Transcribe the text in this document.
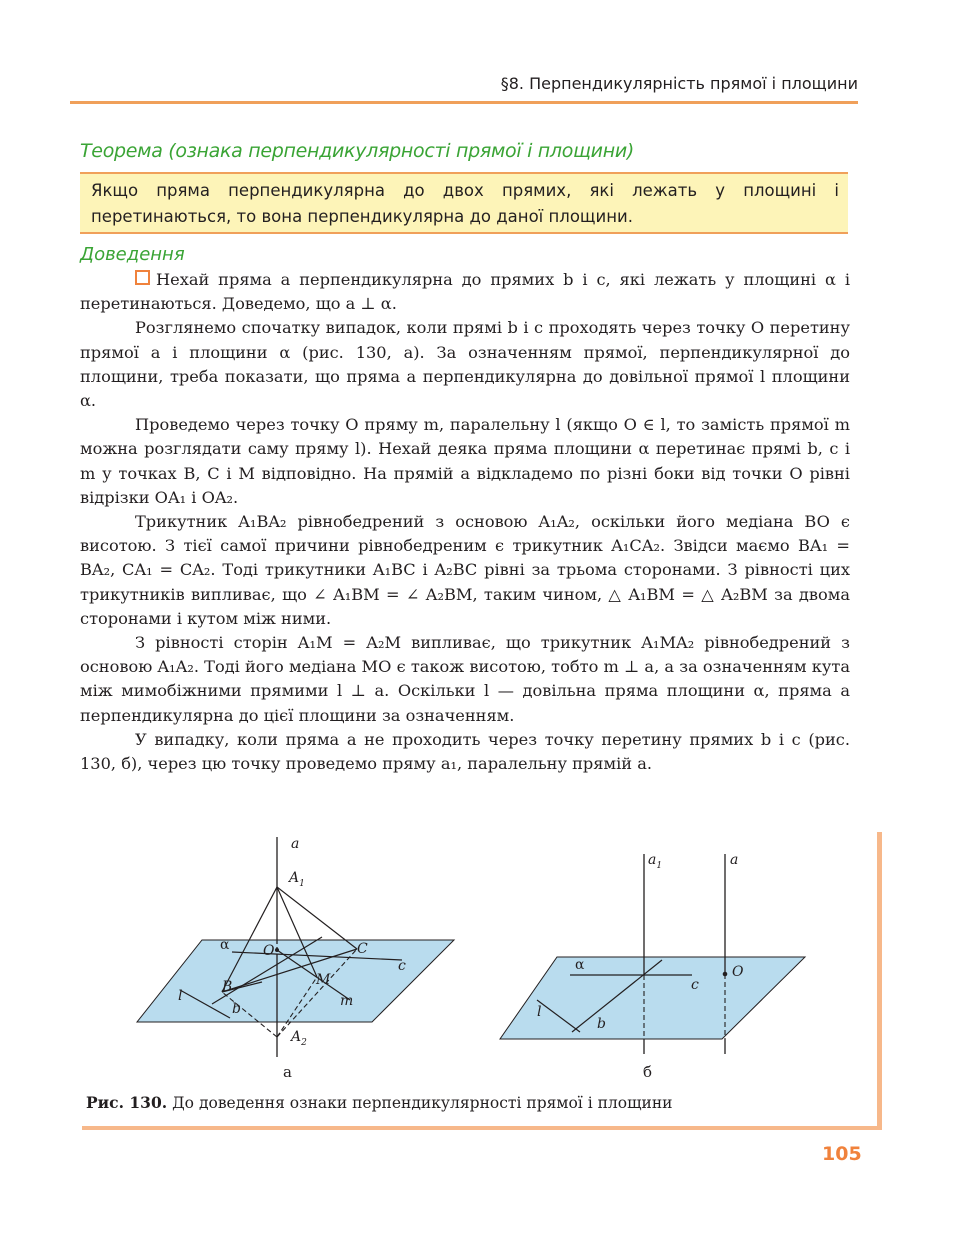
§8. Перпендикулярність прямої і площини
Теорема (ознака перпендикулярності прямої і площини)
Якщо пряма перпендикулярна до двох прямих, які лежать у площині і перетинаються, то вона перпендикулярна до даної площини.
Доведення

Нехай пряма a перпендикулярна до прямих b і c, які лежать у площині α і перетинаються. Доведемо, що a ⊥ α.

Розглянемо спочатку випадок, коли прямі b і c проходять через точку O перетину прямої a і площини α (рис. 130, а). За означенням прямої, перпендикулярної до площини, треба показати, що пряма a перпендикулярна до довільної прямої l площини α.

Проведемо через точку O пряму m, паралельну l (якщо O ∈ l, то замість прямої m можна розглядати саму пряму l). Нехай деяка пряма площини α перетинає прямі b, c і m у точках B, C і M відповідно. На прямій a відкладемо по різні боки від точки O рівні відрізки OA₁ і OA₂.

Трикутник A₁BA₂ рівнобедрений з основою A₁A₂, оскільки його медіана BO є висотою. З тієї самої причини рівнобедреним є трикутник A₁CA₂. Звідси маємо BA₁ = BA₂, CA₁ = CA₂. Тоді трикутники A₁BC і A₂BC рівні за трьома сторонами. З рівності цих трикутників випливає, що ∠ A₁BM = ∠ A₂BM, таким чином, △ A₁BM = △ A₂BM за двома сторонами і кутом між ними.

З рівності сторін A₁M = A₂M випливає, що трикутник A₁MA₂ рівнобедрений з основою A₁A₂. Тоді його медіана MO є також висотою, тобто m ⊥ a, а за означенням кута між мимобіжними прямими l ⊥ a. Оскільки l — довільна пряма площини α, пряма a перпендикулярна до цієї площини за означенням.

У випадку, коли пряма a не проходить через точку перетину прямих b і c (рис. 130, б), через цю точку проведемо пряму a₁, паралельну прямій a.

a
$A_1$
α O	C
c
B	M
l
b	m
$A_2$
$a_1$	a
α	O
c
l
b
а	б
Рис. 130. До доведення ознаки перпендикулярності прямої і площини
105
